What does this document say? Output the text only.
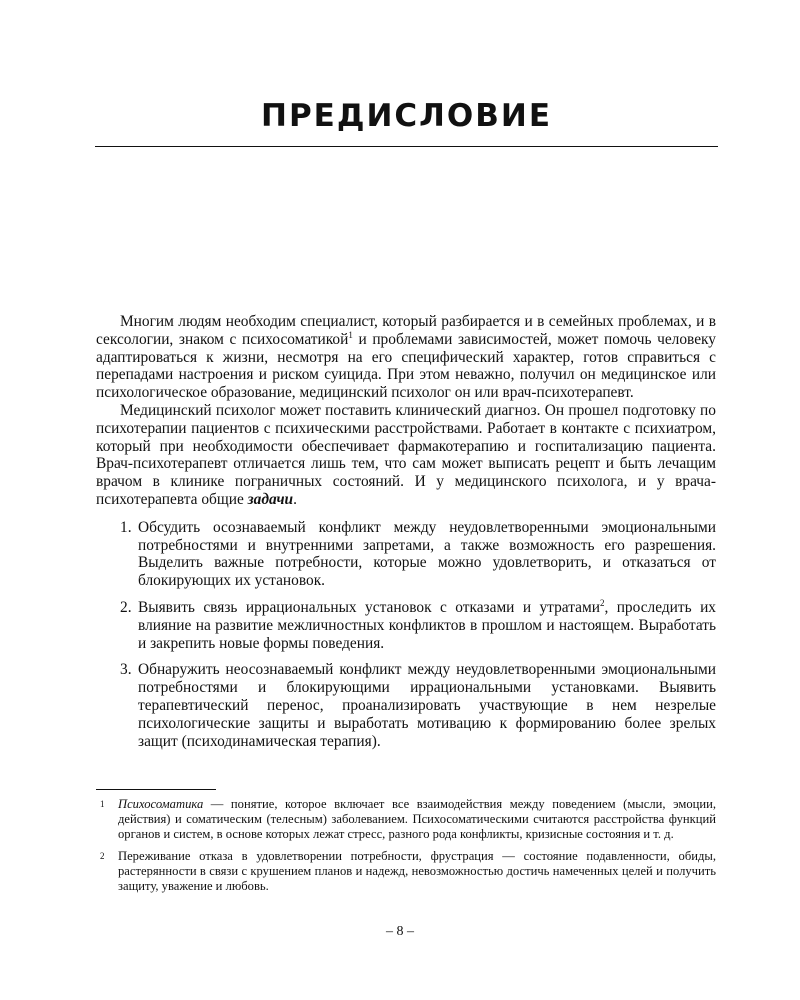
ПРЕДИСЛОВИЕ

Многим людям необходим специалист, который разбирается и в семейных проблемах, и в сексологии, знаком с психосоматикой$^1$ и проблемами зависимостей, может помочь человеку адаптироваться к жизни, несмотря на его специфический характер, готов справиться с перепадами настроения и риском суицида. При этом неважно, получил он медицинское или психологическое образование, медицинский психолог он или врач-психотерапевт.

Медицинский психолог может поставить клинический диагноз. Он прошел подготовку по психотерапии пациентов с психическими расстройствами. Работает в контакте с психиатром, который при необходимости обеспечивает фармакотерапию и госпитализацию пациента. Врач-психотерапевт отличается лишь тем, что сам может выписать рецепт и быть лечащим врачом в клинике пограничных состояний. И у медицинского психолога, и у врача-психотерапевта общие задачи.

1. Обсудить осознаваемый конфликт между неудовлетворенными эмоциональными потребностями и внутренними запретами, а также возможность его разрешения. Выделить важные потребности, которые можно удовлетворить, и отказаться от блокирующих их установок.
2. Выявить связь иррациональных установок с отказами и утратами$^2$, проследить их влияние на развитие межличностных конфликтов в прошлом и настоящем. Выработать и закрепить новые формы поведения.
3. Обнаружить неосознаваемый конфликт между неудовлетворенными эмоциональными потребностями и блокирующими иррациональными установками. Выявить терапевтический перенос, проанализировать участвующие в нем незрелые психологические защиты и выработать мотивацию к формированию более зрелых защит (психодинамическая терапия).
1 Психосоматика — понятие, которое включает все взаимодействия между поведением (мысли, эмоции, действия) и соматическим (телесным) заболеванием. Психосоматическими считаются расстройства функций органов и систем, в основе которых лежат стресс, разного рода конфликты, кризисные состояния и т. д.
2 Переживание отказа в удовлетворении потребности, фрустрация — состояние подавленности, обиды, растерянности в связи с крушением планов и надежд, невозможностью достичь намеченных целей и получить защиту, уважение и любовь.
– 8 –
